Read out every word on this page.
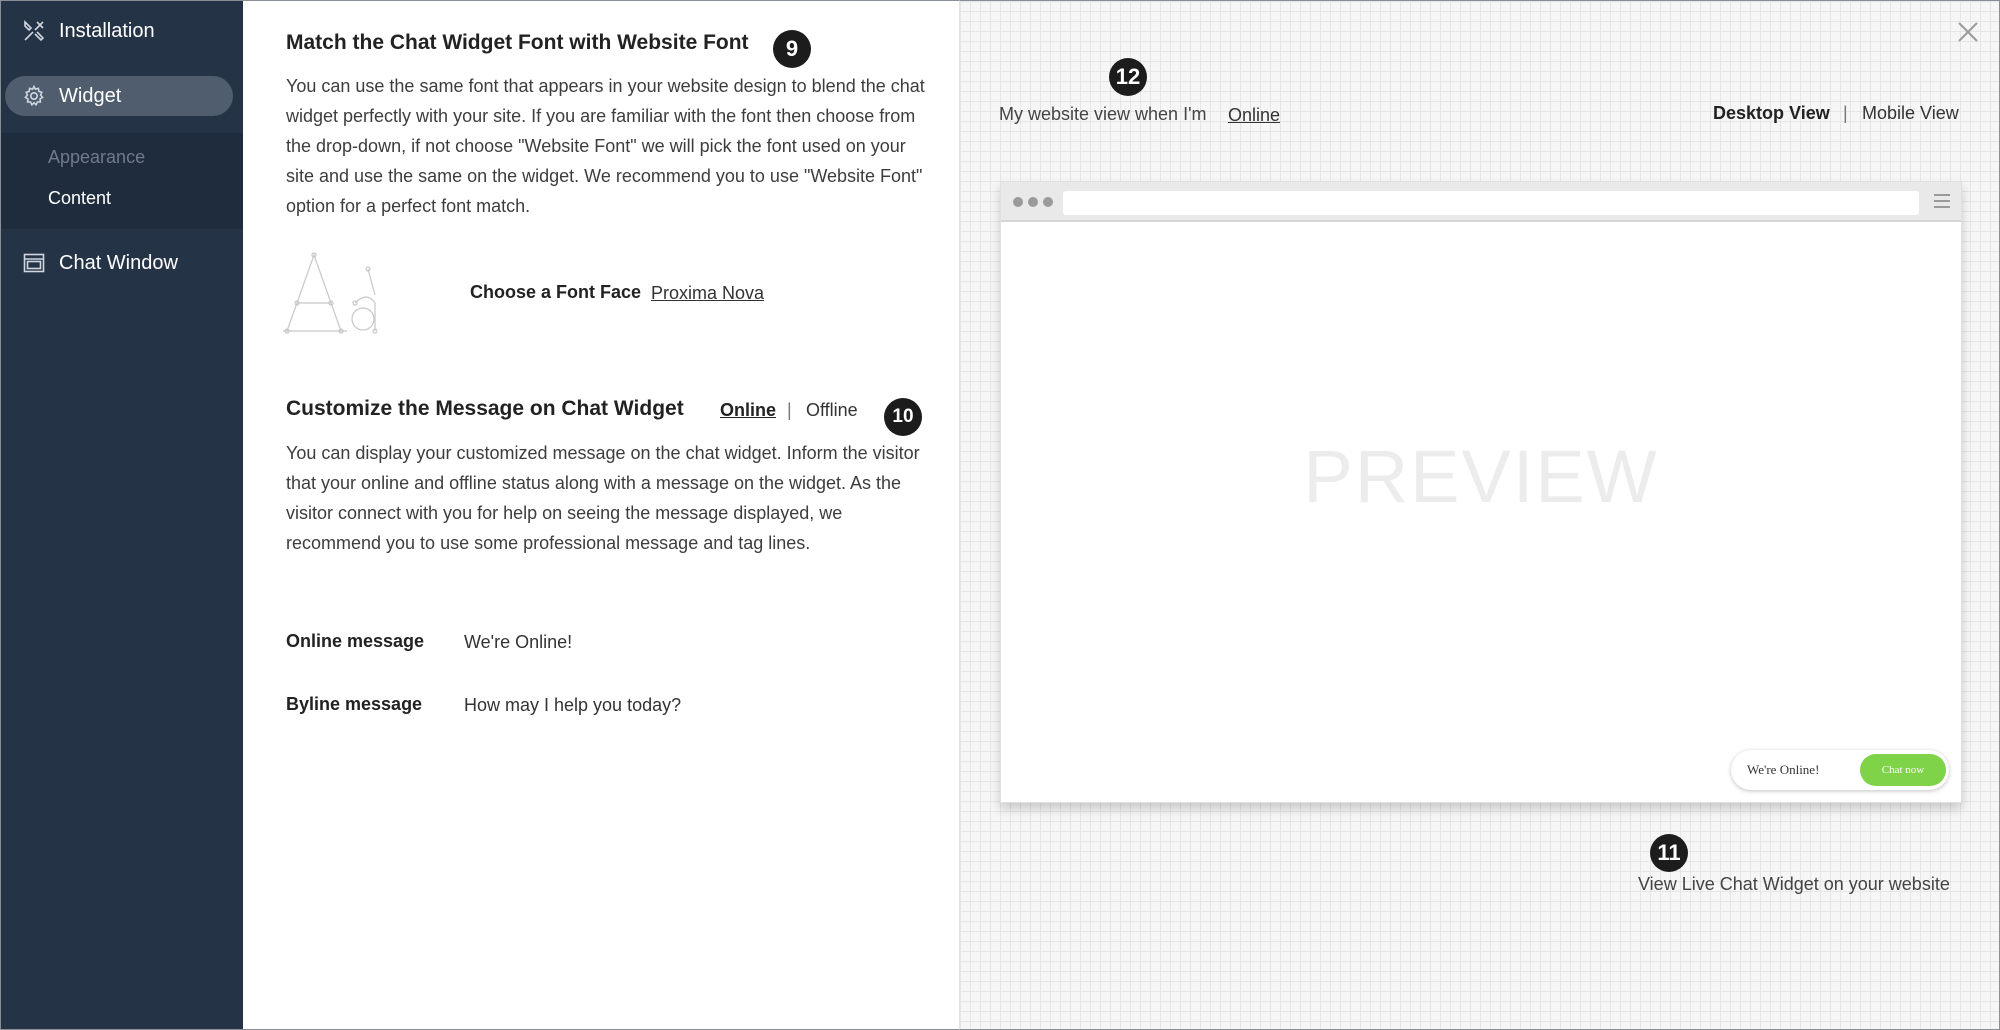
Installation
Widget
Appearance
Content
Chat Window
Match the Chat Widget Font with Website Font	9
You can use the same font that appears in your website design to blend the chat widget perfectly with your site. If you are familiar with the font then choose from the drop-down, if not choose "Website Font" we will pick the font used on your site and use the same on the widget. We recommend you to use "Website Font" option for a perfect font match.
Choose a Font Face Proxima Nova
Customize the Message on Chat Widget Online | Offline	10
You can display your customized message on the chat widget. Inform the visitor that your online and offline status along with a message on the widget. As the visitor connect with you for help on seeing the message displayed, we recommend you to use some professional message and tag lines.
Online message We're Online!
Byline message How may I help you today?
12
My website view when I'm Online	Desktop View | Mobile View
PREVIEW
We're Online!	Chat now
11
View Live Chat Widget on your website
